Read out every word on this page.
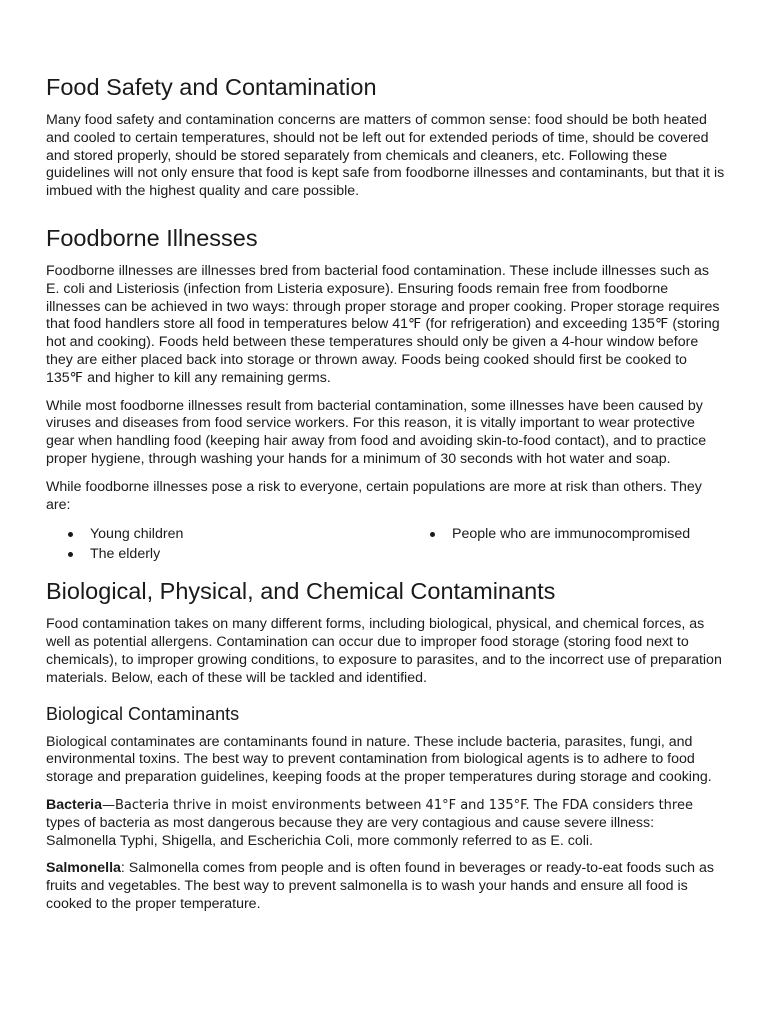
Food Safety and Contamination

Many food safety and contamination concerns are matters of common sense: food should be both heated and cooled to certain temperatures, should not be left out for extended periods of time, should be covered and stored properly, should be stored separately from chemicals and cleaners, etc. Following these guidelines will not only ensure that food is kept safe from foodborne illnesses and contaminants, but that it is imbued with the highest quality and care possible.

Foodborne Illnesses

Foodborne illnesses are illnesses bred from bacterial food contamination. These include illnesses such as E. coli and Listeriosis (infection from Listeria exposure). Ensuring foods remain free from foodborne illnesses can be achieved in two ways: through proper storage and proper cooking. Proper storage requires that food handlers store all food in temperatures below 41℉ (for refrigeration) and exceeding 135℉ (storing hot and cooking). Foods held between these temperatures should only be given a 4-hour window before they are either placed back into storage or thrown away. Foods being cooked should first be cooked to 135℉ and higher to kill any remaining germs.

While most foodborne illnesses result from bacterial contamination, some illnesses have been caused by viruses and diseases from food service workers. For this reason, it is vitally important to wear protective gear when handling food (keeping hair away from food and avoiding skin-to-food contact), and to practice proper hygiene, through washing your hands for a minimum of 30 seconds with hot water and soap.

While foodborne illnesses pose a risk to everyone, certain populations are more at risk than others. They are:

Young children
The elderly
People who are immunocompromised
Biological, Physical, and Chemical Contaminants

Food contamination takes on many different forms, including biological, physical, and chemical forces, as well as potential allergens. Contamination can occur due to improper food storage (storing food next to chemicals), to improper growing conditions, to exposure to parasites, and to the incorrect use of preparation materials. Below, each of these will be tackled and identified.

Biological Contaminants

Biological contaminates are contaminants found in nature. These include bacteria, parasites, fungi, and environmental toxins. The best way to prevent contamination from biological agents is to adhere to food storage and preparation guidelines, keeping foods at the proper temperatures during storage and cooking.

Bacteria—Bacteria thrive in moist environments between 41°F and 135°F. The FDA considers three types of bacteria as most dangerous because they are very contagious and cause severe illness: Salmonella Typhi, Shigella, and Escherichia Coli, more commonly referred to as E. coli.

Salmonella: Salmonella comes from people and is often found in beverages or ready-to-eat foods such as fruits and vegetables. The best way to prevent salmonella is to wash your hands and ensure all food is cooked to the proper temperature.
